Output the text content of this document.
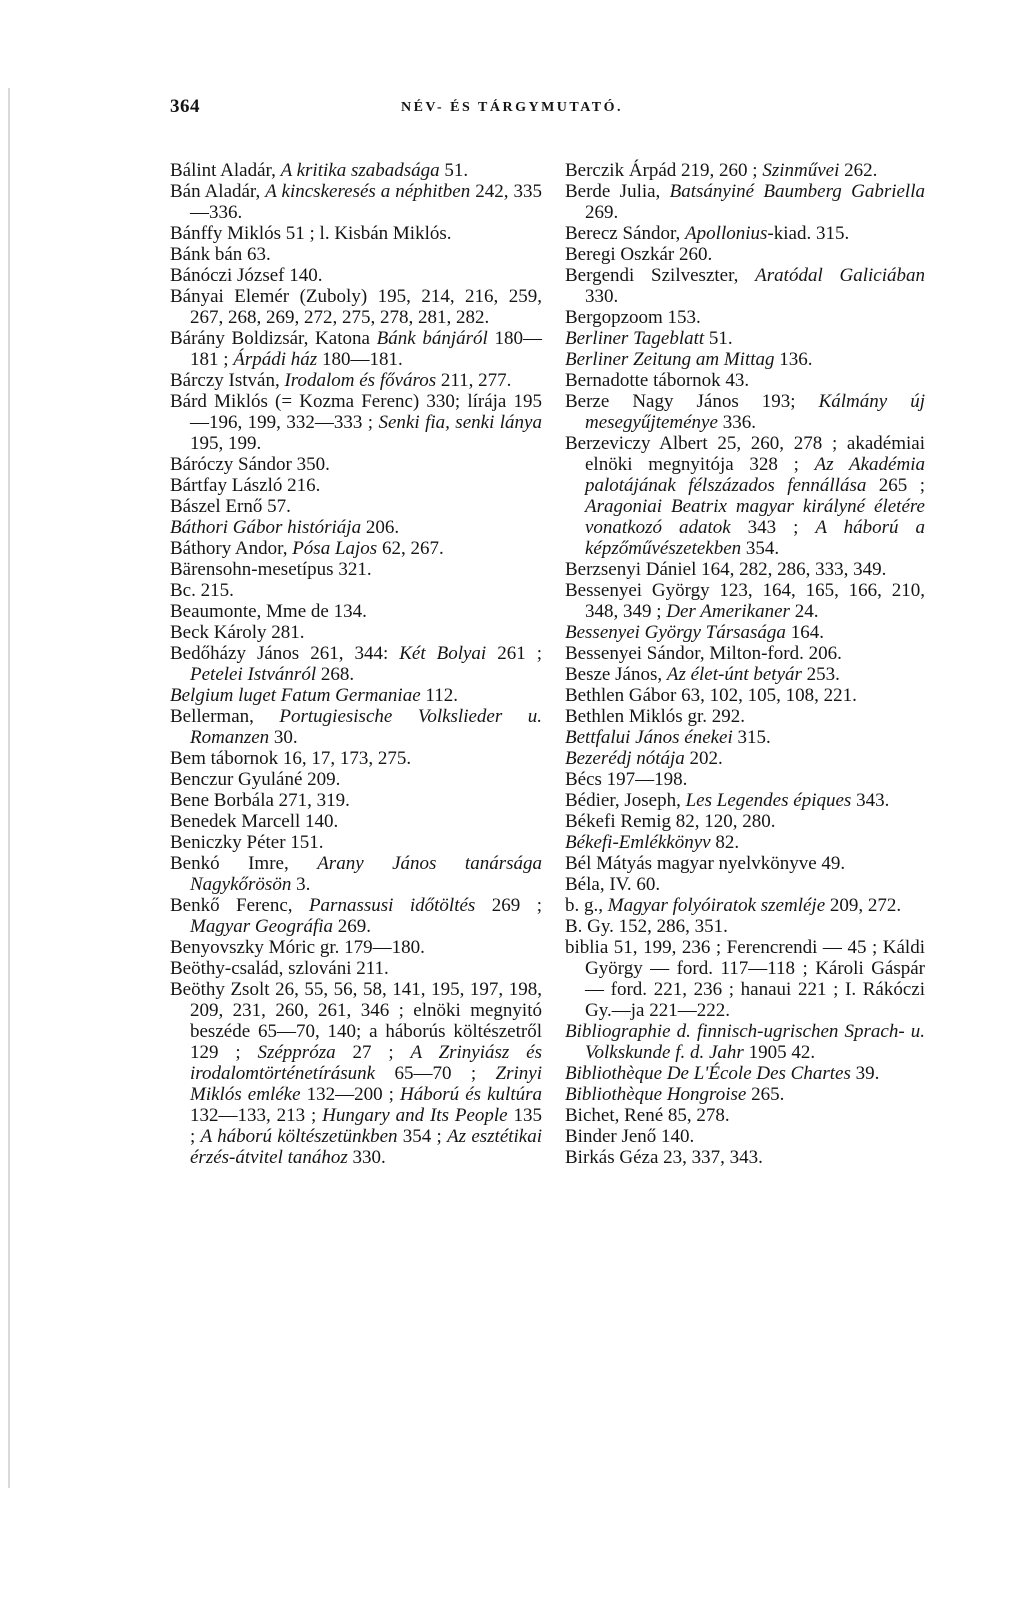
364	NÉV- ÉS TÁRGYMUTATÓ.

Bálint Aladár, A kritika szabadsága 51.

Bán Aladár, A kincskeresés a néphitben 242, 335—336.

Bánffy Miklós 51 ; l. Kisbán Miklós.

Bánk bán 63.

Bánóczi József 140.

Bányai Elemér (Zuboly) 195, 214, 216, 259, 267, 268, 269, 272, 275, 278, 281, 282.

Bárány Boldizsár, Katona Bánk bánjáról 180—181 ; Árpádi ház 180—181.

Bárczy István, Irodalom és főváros 211, 277.

Bárd Miklós (= Kozma Ferenc) 330; lírája 195—196, 199, 332—333 ; Senki fia, senki lánya 195, 199.

Báróczy Sándor 350.

Bártfay László 216.

Bászel Ernő 57.

Báthori Gábor históriája 206.

Báthory Andor, Pósa Lajos 62, 267.

Bärensohn-mesetípus 321.

Bc. 215.

Beaumonte, Mme de 134.

Beck Károly 281.

Bedőházy János 261, 344: Két Bolyai 261 ; Petelei Istvánról 268.

Belgium luget Fatum Germaniae 112.

Bellerman, Portugiesische Volkslieder u. Romanzen 30.

Bem tábornok 16, 17, 173, 275.

Benczur Gyuláné 209.

Bene Borbála 271, 319.

Benedek Marcell 140.

Beniczky Péter 151.

Benkó Imre, Arany János tanársága Nagykőrösön 3.

Benkő Ferenc, Parnassusi időtöltés 269 ; Magyar Geográfia 269.

Benyovszky Móric gr. 179—180.

Beöthy-család, szlováni 211.

Beöthy Zsolt 26, 55, 56, 58, 141, 195, 197, 198, 209, 231, 260, 261, 346 ; elnöki megnyitó beszéde 65—70, 140; a háborús költészetről 129 ; Széppróza 27 ; A Zrinyiász és irodalomtörténetírásunk 65—70 ; Zrinyi Miklós emléke 132—200 ; Háború és kultúra 132—133, 213 ; Hungary and Its People 135 ; A háború költészetünkben 354 ; Az esztétikai érzés-átvitel tanához 330.

Berczik Árpád 219, 260 ; Szinművei 262.

Berde Julia, Batsányiné Baumberg Gabriella 269.

Berecz Sándor, Apollonius-kiad. 315.

Beregi Oszkár 260.

Bergendi Szilveszter, Aratódal Galiciában 330.

Bergopzoom 153.

Berliner Tageblatt 51.

Berliner Zeitung am Mittag 136.

Bernadotte tábornok 43.

Berze Nagy János 193; Kálmány új mesegyűjteménye 336.

Berzeviczy Albert 25, 260, 278 ; akadémiai elnöki megnyitója 328 ; Az Akadémia palotájának félszázados fennállása 265 ; Aragoniai Beatrix magyar királyné életére vonatkozó adatok 343 ; A háború a képzőművészetekben 354.

Berzsenyi Dániel 164, 282, 286, 333, 349.

Bessenyei György 123, 164, 165, 166, 210, 348, 349 ; Der Amerikaner 24.

Bessenyei György Társasága 164.

Bessenyei Sándor, Milton-ford. 206.

Besze János, Az élet-únt betyár 253.

Bethlen Gábor 63, 102, 105, 108, 221.

Bethlen Miklós gr. 292.

Bettfalui János énekei 315.

Bezerédj nótája 202.

Bécs 197—198.

Bédier, Joseph, Les Legendes épiques 343.

Békefi Remig 82, 120, 280.

Békefi-Emlékkönyv 82.

Bél Mátyás magyar nyelvkönyve 49.

Béla, IV. 60.

b. g., Magyar folyóiratok szemléje 209, 272.

B. Gy. 152, 286, 351.

biblia 51, 199, 236 ; Ferencrendi — 45 ; Káldi György — ford. 117—118 ; Károli Gáspár — ford. 221, 236 ; hanaui 221 ; I. Rákóczi Gy.—ja 221—222.

Bibliographie d. finnisch-ugrischen Sprach- u. Volkskunde f. d. Jahr 1905 42.

Bibliothèque De L'École Des Chartes 39.

Bibliothèque Hongroise 265.

Bichet, René 85, 278.

Binder Jenő 140.

Birkás Géza 23, 337, 343.
